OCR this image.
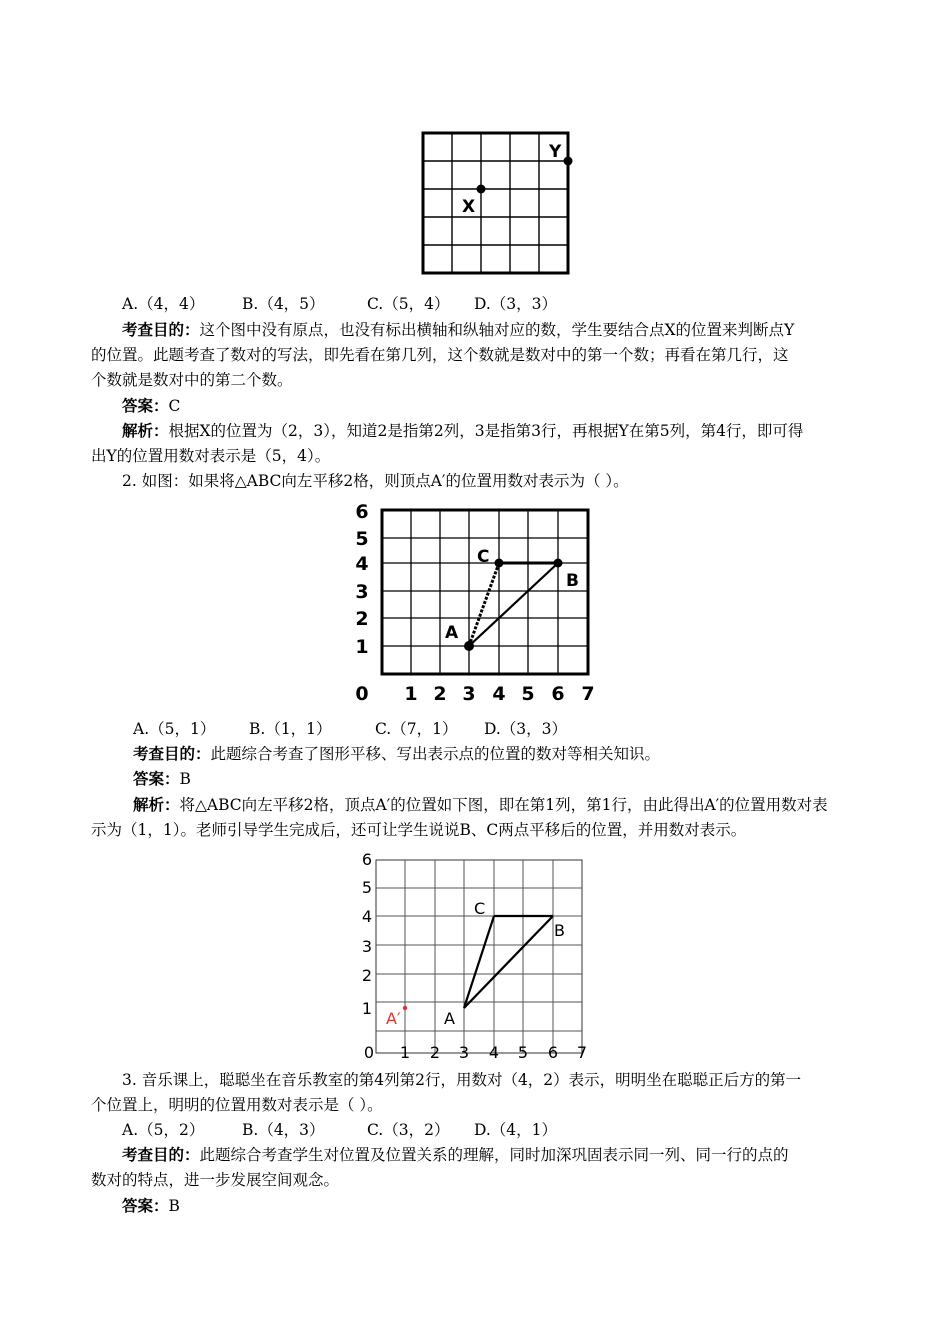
X
Y
A.（4，4） B.（4，5）	C.（5，4） D.（3，3）
考查目的：这个图中没有原点，也没有标出横轴和纵轴对应的数，学生要结合点X的位置来判断点Y
的位置。此题考查了数对的写法，即先看在第几列，这个数就是数对中的第一个数；再看在第几行，这
个数就是数对中的第二个数。
答案：C
解析：根据X的位置为（2，3），知道2是指第2列，3是指第3行，再根据Y在第5列，第4行，即可得
出Y的位置用数对表示是（5，4）。
2. 如图：如果将△ABC向左平移2格，则顶点A′的位置用数对表示为（ ）。
A
C
B
0 1 2 3 4 5 6 7
1
2
3
4
5
6
A.（5，1） B.（1，1）	C.（7，1） D.（3，3）
考查目的：此题综合考查了图形平移、写出表示点的位置的数对等相关知识。
答案：B
解析：将△ABC向左平移2格，顶点A′的位置如下图，即在第1列，第1行，由此得出A′的位置用数对表
示为（1，1）。老师引导学生完成后，还可让学生说说B、C两点平移后的位置，并用数对表示。
A
C
B
A′
0 1 2 3 4 5 6 7
1
2
3
4
5
6
3. 音乐课上，聪聪坐在音乐教室的第4列第2行，用数对（4，2）表示，明明坐在聪聪正后方的第一
个位置上，明明的位置用数对表示是（ ）。
A.（5，2） B.（4，3）	C.（3，2） D.（4，1）
考查目的：此题综合考查学生对位置及位置关系的理解，同时加深巩固表示同一列、同一行的点的
数对的特点，进一步发展空间观念。
答案：B
